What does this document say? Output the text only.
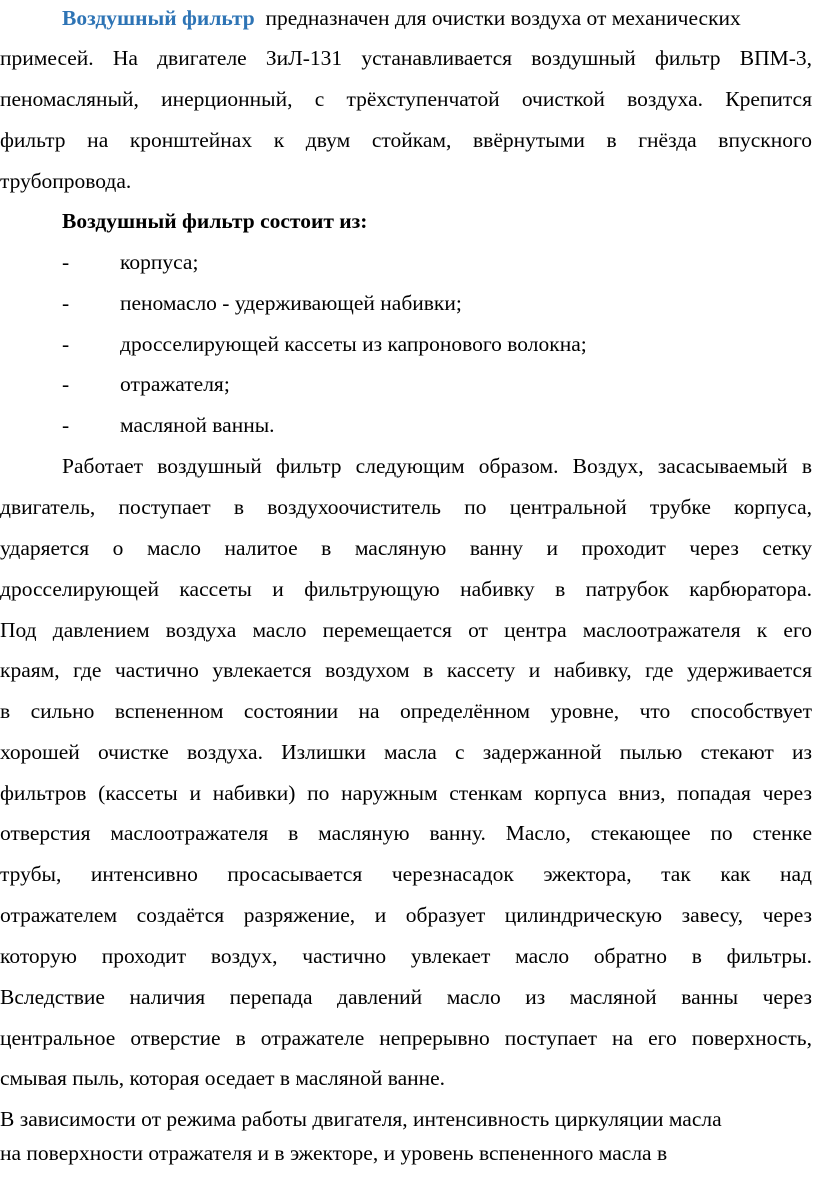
Воздушный фильтр предназначен для очистки воздуха от механических
примесей. На двигателе ЗиЛ-131 устанавливается воздушный фильтр ВПМ-3,
пеномасляный, инерционный, с трёхступенчатой очисткой воздуха. Крепится
фильтр на кронштейнах к двум стойкам, ввёрнутыми в гнёзда впускного
трубопровода.
Воздушный фильтр состоит из:
- корпуса;
- пеномасло - удерживающей набивки;
- дросселирующей кассеты из капронового волокна;
- отражателя;
- масляной ванны.
Работает воздушный фильтр следующим образом. Воздух, засасываемый в
двигатель, поступает в воздухоочиститель по центральной трубке корпуса,
ударяется о масло налитое в масляную ванну и проходит через сетку
дросселирующей кассеты и фильтрующую набивку в патрубок карбюратора.
Под давлением воздуха масло перемещается от центра маслоотражателя к его
краям, где частично увлекается воздухом в кассету и набивку, где удерживается
в сильно вспененном состоянии на определённом уровне, что способствует
хорошей очистке воздуха. Излишки масла с задержанной пылью стекают из
фильтров (кассеты и набивки) по наружным стенкам корпуса вниз, попадая через
отверстия маслоотражателя в масляную ванну. Масло, стекающее по стенке
трубы, интенсивно просасывается черезнасадок эжектора, так как над
отражателем создаётся разряжение, и образует цилиндрическую завесу, через
которую проходит воздух, частично увлекает масло обратно в фильтры.
Вследствие наличия перепада давлений масло из масляной ванны через
центральное отверстие в отражателе непрерывно поступает на его поверхность,
смывая пыль, которая оседает в масляной ванне.
В зависимости от режима работы двигателя, интенсивность циркуляции масла
на поверхности отражателя и в эжекторе, и уровень вспененного масла в
